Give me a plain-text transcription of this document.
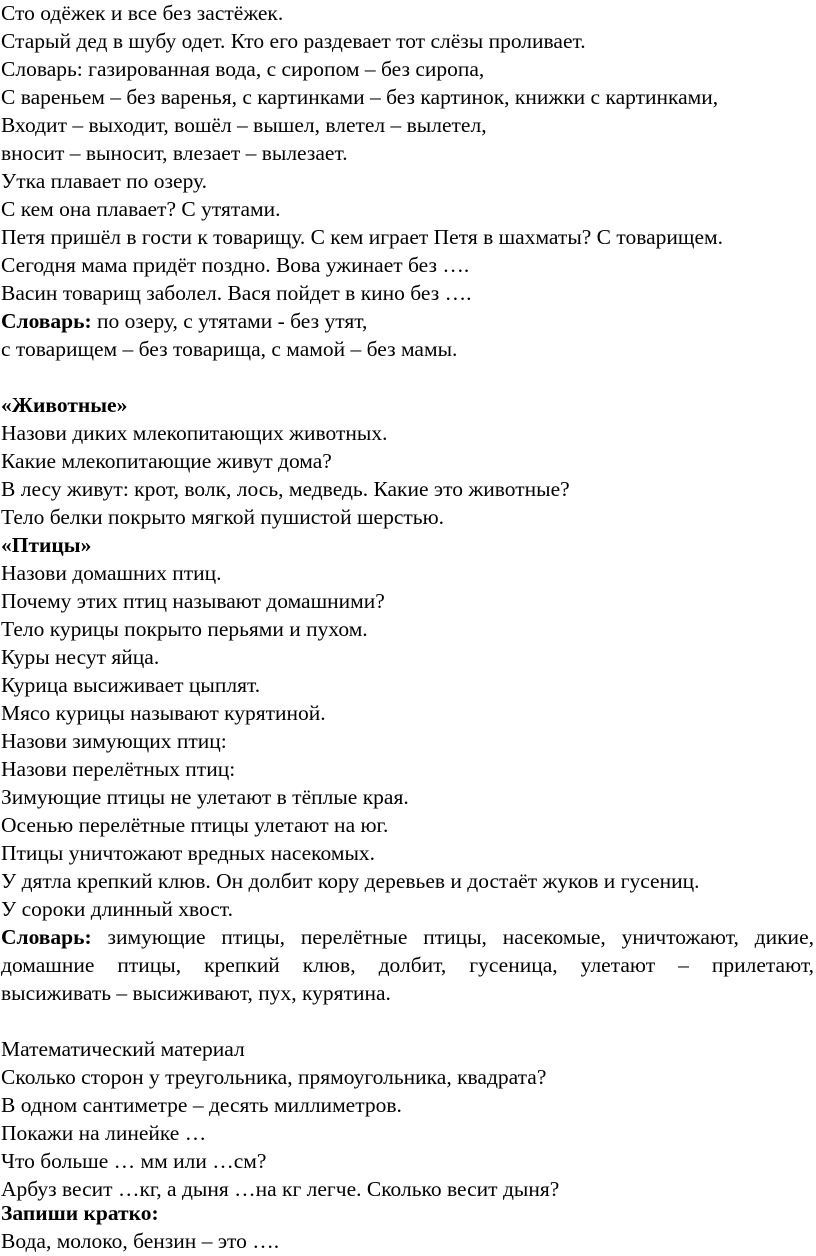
Сто одёжек и все без застёжек.
Старый дед в шубу одет. Кто его раздевает тот слёзы проливает.
Словарь: газированная вода, с сиропом – без сиропа,
С вареньем – без варенья, с картинками – без картинок, книжки с картинками,
Входит – выходит, вошёл – вышел, влетел – вылетел,
вносит – выносит, влезает – вылезает.
Утка плавает по озеру.
С кем она плавает? С утятами.
Петя пришёл в гости к товарищу. С кем играет Петя в шахматы? С товарищем.
Сегодня мама придёт поздно. Вова ужинает без ….
Васин товарищ заболел. Вася пойдет в кино без ….
Словарь: по озеру, с утятами - без утят,
с товарищем – без товарища, с мамой – без мамы.
«Животные»
Назови диких млекопитающих животных.
Какие млекопитающие живут дома?
В лесу живут: крот, волк, лось, медведь. Какие это животные?
Тело белки покрыто мягкой пушистой шерстью.
«Птицы»
Назови домашних птиц.
Почему этих птиц называют домашними?
Тело курицы покрыто перьями и пухом.
Куры несут яйца.
Курица высиживает цыплят.
Мясо курицы называют курятиной.
Назови зимующих птиц:
Назови перелётных птиц:
Зимующие птицы не улетают в тёплые края.
Осенью перелётные птицы улетают на юг.
Птицы уничтожают вредных насекомых.
У дятла крепкий клюв. Он долбит кору деревьев и достаёт жуков и гусениц.
У сороки длинный хвост.
Словарь: зимующие птицы, перелётные птицы, насекомые, уничтожают, дикие,
домашние птицы, крепкий клюв, долбит, гусеница, улетают – прилетают,
высиживать – высиживают, пух, курятина.
Математический материал
Сколько сторон у треугольника, прямоугольника, квадрата?
В одном сантиметре – десять миллиметров.
Покажи на линейке …
Что больше … мм или …см?
Арбуз весит …кг, а дыня …на кг легче. Сколько весит дыня?
Запиши кратко:
Вода, молоко, бензин – это ….
